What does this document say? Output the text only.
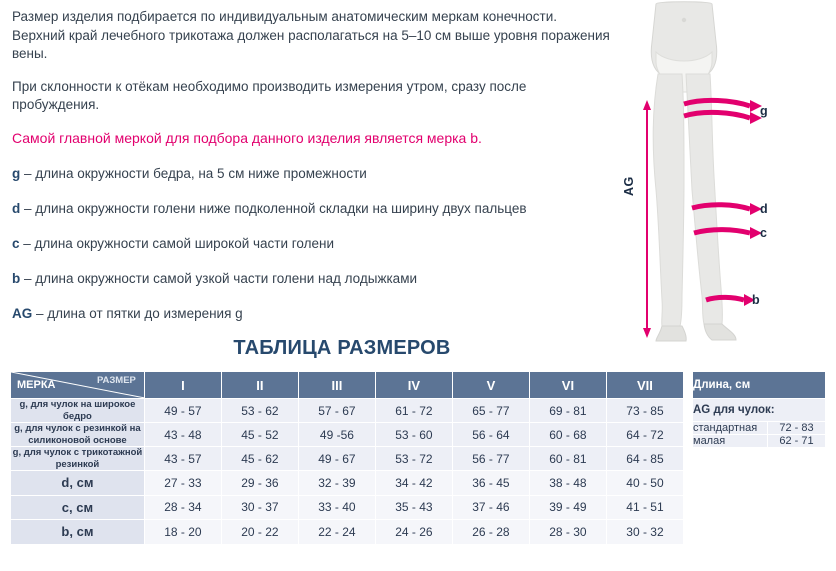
Размер изделия подбирается по индивидуальным анатомическим меркам конечности. Верхний край лечебного трикотажа должен располагаться на 5–10 см выше уровня поражения вены.

При склонности к отёкам необходимо производить измерения утром, сразу после пробуждения.

Самой главной меркой для подбора данного изделия является мерка b.

g – длина окружности бедра, на 5 см ниже промежности
d – длина окружности голени ниже подколенной складки на ширину двух пальцев
c – длина окружности самой широкой части голени
b – длина окружности самой узкой части голени над лодыжками
AG – длина от пятки до измерения g
g
d
c
b
AG
ТАБЛИЦА РАЗМЕРОВ
МЕРКА РАЗМЕР	I	II	III	IV	V	VI	VII
g, для чулок на широкое бедро	49 - 57	53 - 62	57 - 67	61 - 72	65 - 77	69 - 81	73 - 85
g, для чулок с резинкой на силиконовой основе	43 - 48	45 - 52	49 -56	53 - 60	56 - 64	60 - 68	64 - 72
g, для чулок с трикотажной резинкой	43 - 57	45 - 62	49 - 67	53 - 72	56 - 77	60 - 81	64 - 85
d, см	27 - 33	29 - 36	32 - 39	34 - 42	36 - 45	38 - 48	40 - 50
c, см	28 - 34	30 - 37	33 - 40	35 - 43	37 - 46	39 - 49	41 - 51
b, см	18 - 20	20 - 22	22 - 24	24 - 26	26 - 28	28 - 30	30 - 32
Длина, см	
AG для чулок:	
стандартная	72 - 83
малая	62 - 71
